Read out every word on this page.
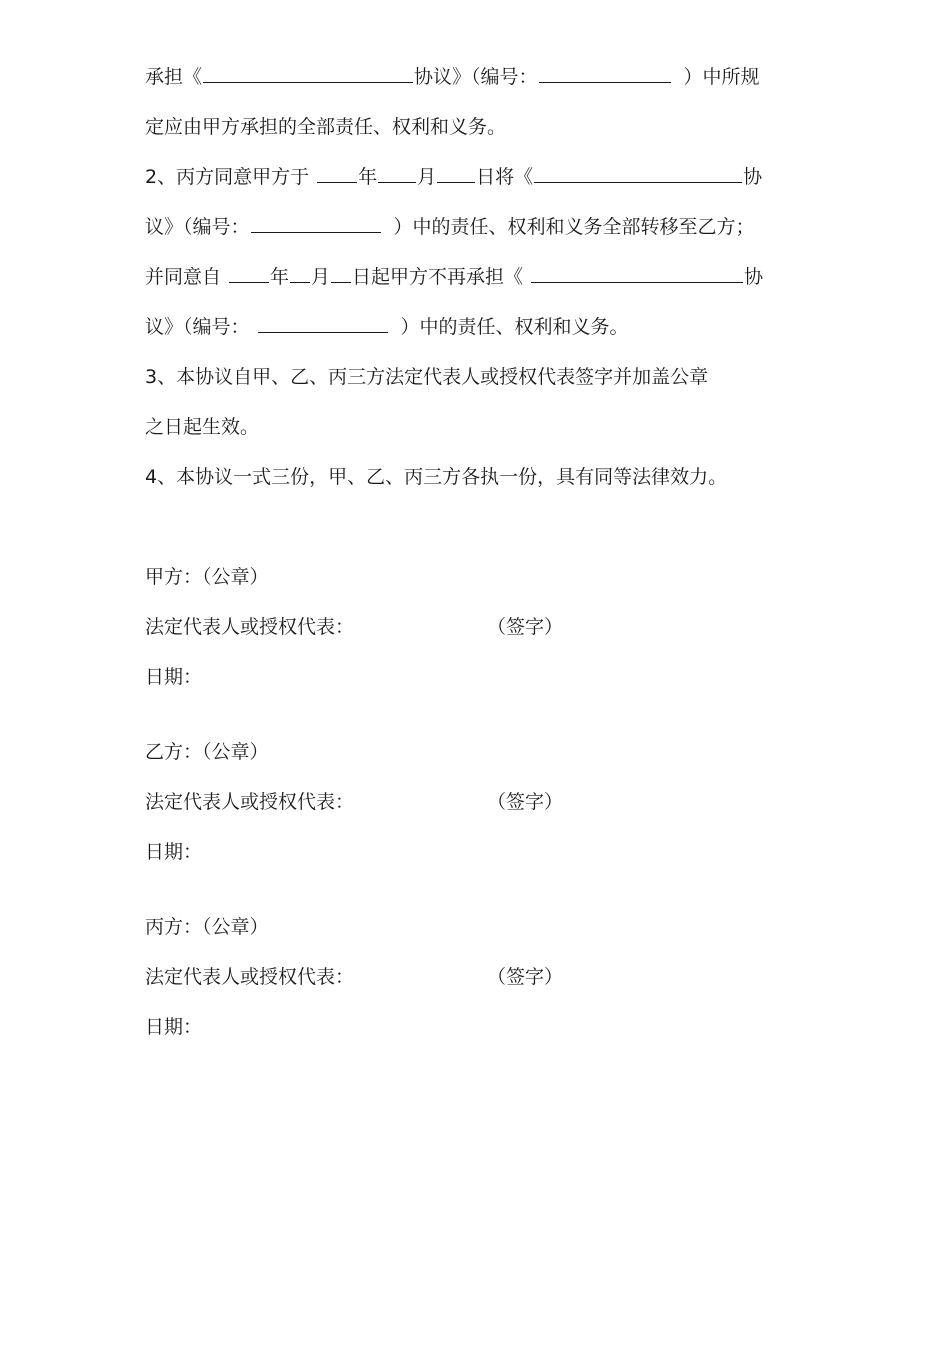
承担《	协议》（编号：	）中所规
定应由甲方承担的全部责任、权利和义务。
2、丙方同意甲方于	年 月 日将《	协
议》（编号：	）中的责任、权利和义务全部转移至乙方；
并同意自	年 月 日起甲方不再承担《	协
议》（编号：	）中的责任、权利和义务。
3、本协议自甲、乙、丙三方法定代表人或授权代表签字并加盖公章
之日起生效。
4、本协议一式三份，甲、乙、丙三方各执一份，具有同等法律效力。
甲方：（公章）
法定代表人或授权代表：	（签字）
日期：
乙方：（公章）
法定代表人或授权代表：	（签字）
日期：
丙方：（公章）
法定代表人或授权代表：	（签字）
日期：
